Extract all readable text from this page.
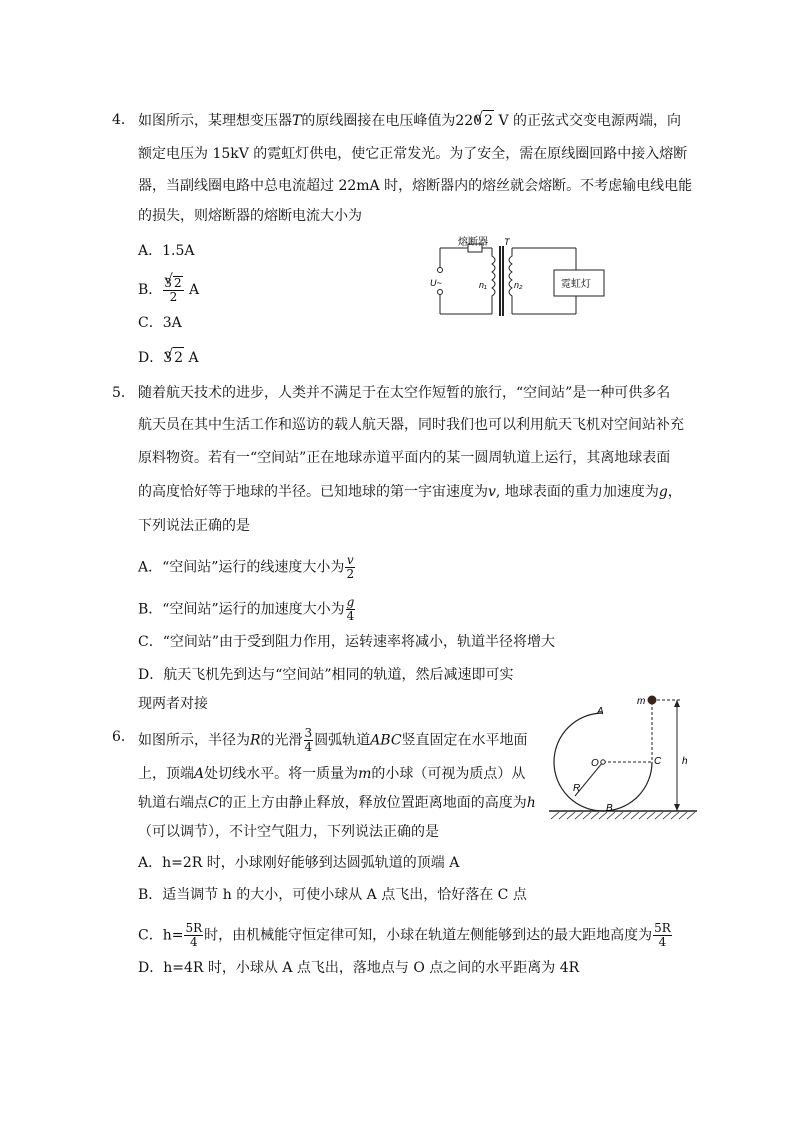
4． 如图所示，某理想变压器T的原线圈接在电压峰值为220 √ 2 V 的正弦式交变电源两端，向
额定电压为 15kV 的霓虹灯供电，使它正常发光。为了安全，需在原线圈回路中接入熔断
器，当副线圈电路中总电流超过 22mA 时，熔断器内的熔丝就会熔断。不考虑输电线电能
的损失，则熔断器的熔断电流大小为
A．1.5A
B． $\frac{3 √ 2}{2}$ A
C．3A
D．3 √ 2 A
熔断器 T
U~	n₁	n₂	霓虹灯
5． 随着航天技术的进步，人类并不满足于在太空作短暂的旅行，“空间站”是一种可供多名
航天员在其中生活工作和巡访的载人航天器，同时我们也可以利用航天飞机对空间站补充
原料物资。若有一“空间站”正在地球赤道平面内的某一圆周轨道上运行，其离地球表面
的高度恰好等于地球的半径。已知地球的第一宇宙速度为v, 地球表面的重力加速度为g，
下列说法正确的是
A．“空间站”运行的线速度大小为 $\frac{v}{2}$
B．“空间站”运行的加速度大小为 $\frac{g}{4}$
C．“空间站”由于受到阻力作用，运转速率将减小，轨道半径将增大
D．航天飞机先到达与“空间站”相同的轨道，然后减速即可实
现两者对接
6． 如图所示，半径为R的光滑 $\frac{3}{4}$ 圆弧轨道ABC竖直固定在水平地面
上，顶端A处切线水平。将一质量为m的小球（可视为质点）从
轨道右端点C的正上方由静止释放，释放位置距离地面的高度为h
（可以调节），不计空气阻力，下列说法正确的是
A．h=2R 时，小球刚好能够到达圆弧轨道的顶端 A
B．适当调节 h 的大小，可使小球从 A 点飞出，恰好落在 C 点
C．$h= \frac{5R}{4}$ 时，由机械能守恒定律可知，小球在轨道左侧能够到达的最大距地高度为 $\frac{5R}{4}$
D．h=4R 时，小球从 A 点飞出，落地点与 O 点之间的水平距离为 4R
m
A
O	C
R
B
h
